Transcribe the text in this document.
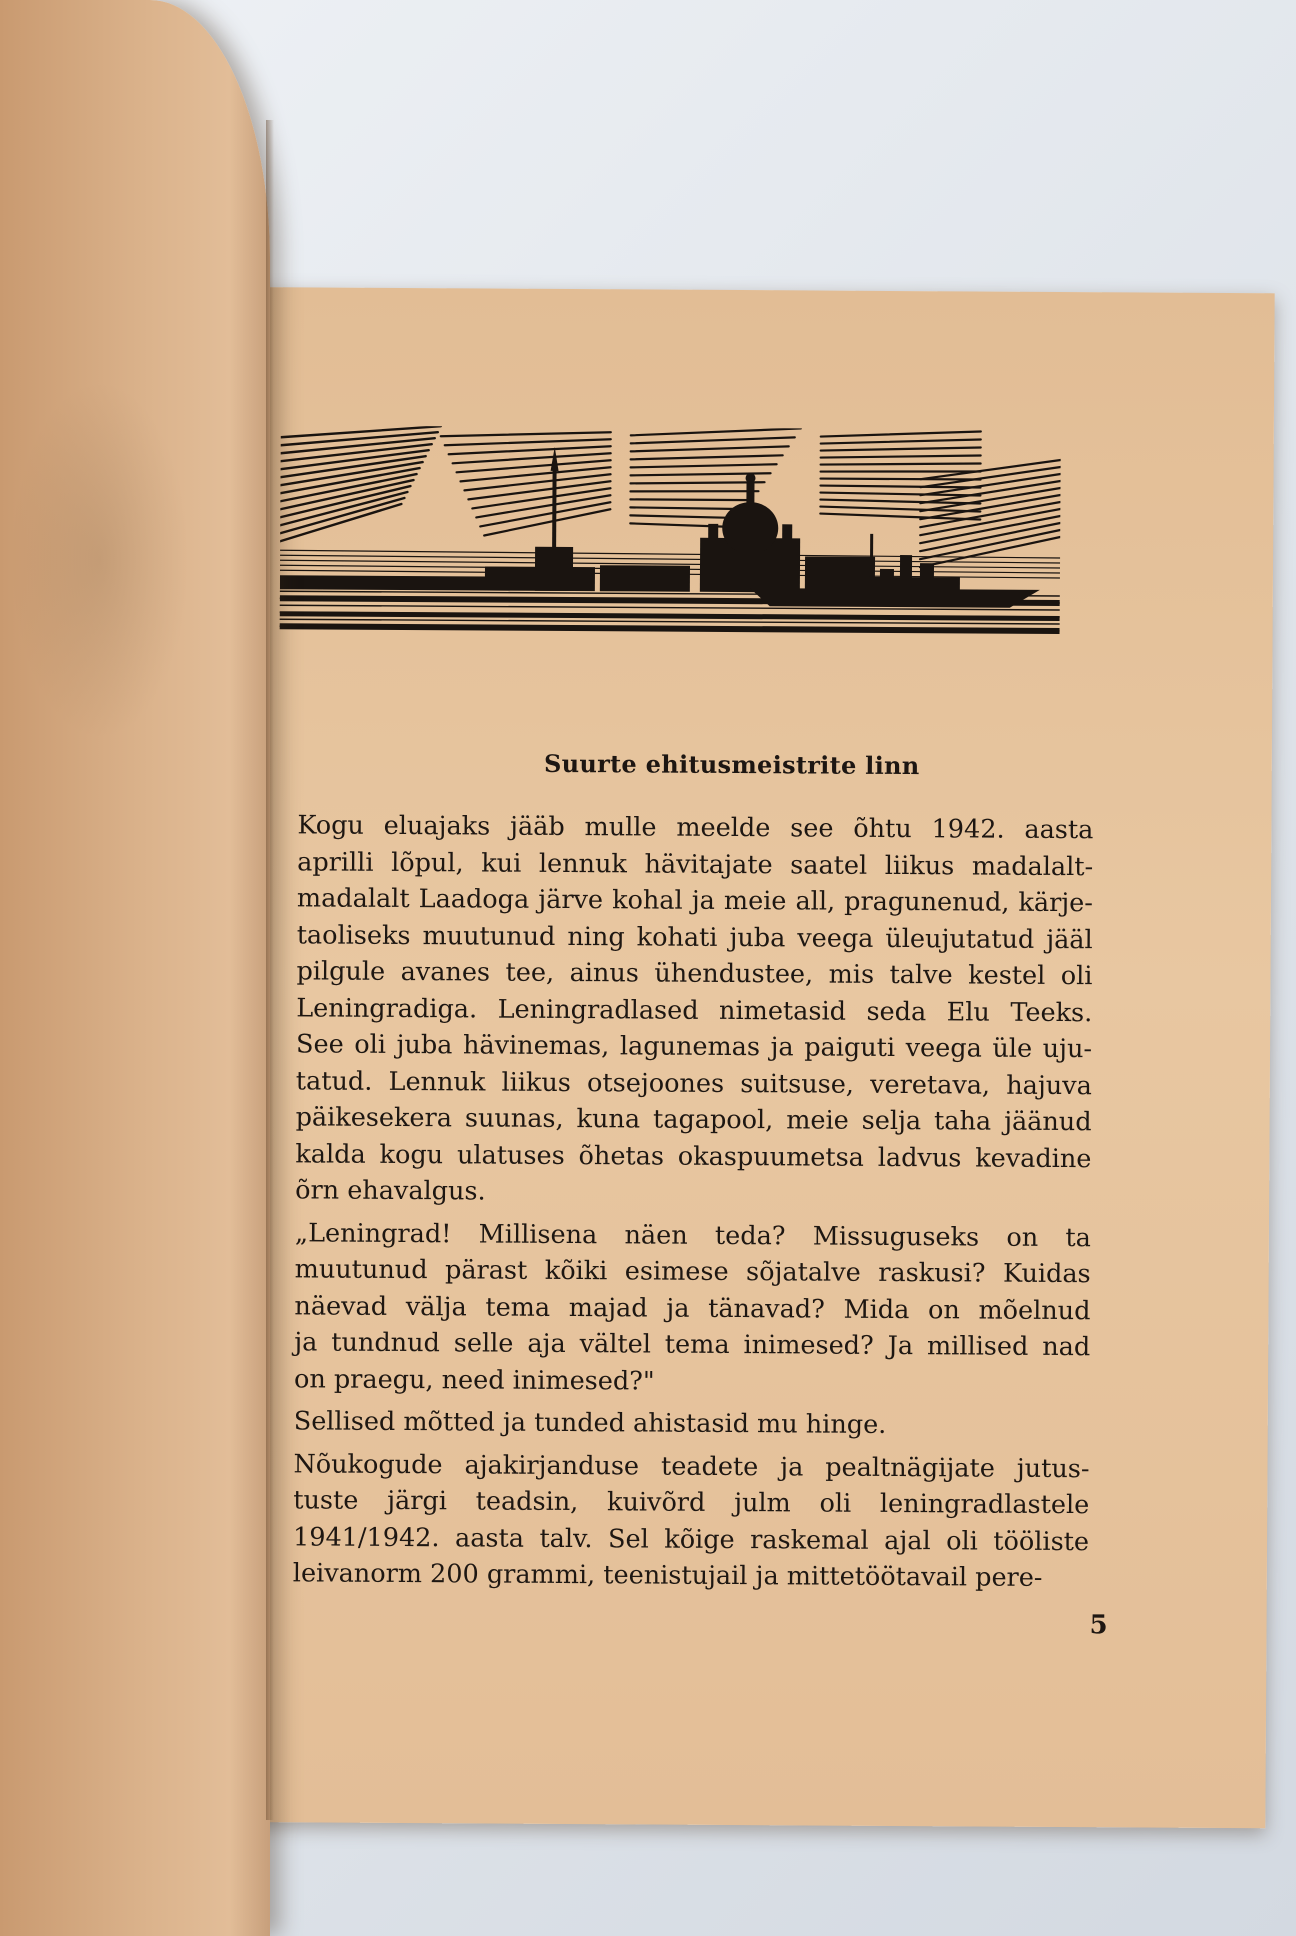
Suurte ehitusmeistrite linn

Kogu eluajaks jääb mulle meelde see õhtu 1942. aasta
aprilli lõpul, kui lennuk hävitajate saatel liikus madalalt-
madalalt Laadoga järve kohal ja meie all, pragunenud, kärje-
taoliseks muutunud ning kohati juba veega üleujutatud jääl
pilgule avanes tee, ainus ühendustee, mis talve kestel oli
Leningradiga. Leningradlased nimetasid seda Elu Teeks.
See oli juba hävinemas, lagunemas ja paiguti veega üle uju-
tatud. Lennuk liikus otsejoones suitsuse, veretava, hajuva
päikesekera suunas, kuna tagapool, meie selja taha jäänud
kalda kogu ulatuses õhetas okaspuumetsa ladvus kevadine
õrn ehavalgus.

„Leningrad! Millisena näen teda? Missuguseks on ta
muutunud pärast kõiki esimese sõjatalve raskusi? Kuidas
näevad välja tema majad ja tänavad? Mida on mõelnud
ja tundnud selle aja vältel tema inimesed? Ja millised nad
on praegu, need inimesed?"

Sellised mõtted ja tunded ahistasid mu hinge.

Nõukogude ajakirjanduse teadete ja pealtnägijate jutus-
tuste järgi teadsin, kuivõrd julm oli leningradlastele
1941/1942. aasta talv. Sel kõige raskemal ajal oli tööliste
leivanorm 200 grammi, teenistujail ja mittetöötavail pere-

5
